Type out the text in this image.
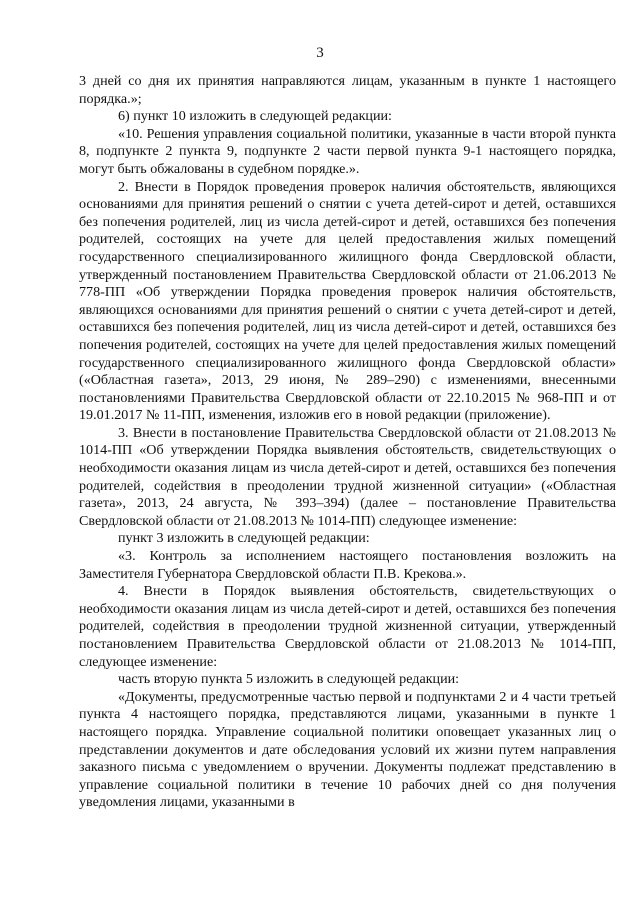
3

3 дней со дня их принятия направляются лицам, указанным в пункте 1 настоящего порядка.»;

6) пункт 10 изложить в следующей редакции:

«10. Решения управления социальной политики, указанные в части второй пункта 8, подпункте 2 пункта 9, подпункте 2 части первой пункта 9-1 настоящего порядка, могут быть обжалованы в судебном порядке.».

2. Внести в Порядок проведения проверок наличия обстоятельств, являющихся основаниями для принятия решений о снятии с учета детей-сирот и детей, оставшихся без попечения родителей, лиц из числа детей-сирот и детей, оставшихся без попечения родителей, состоящих на учете для целей предоставления жилых помещений государственного специализированного жилищного фонда Свердловской области, утвержденный постановлением Правительства Свердловской области от 21.06.2013 № 778-ПП «Об утверждении Порядка проведения проверок наличия обстоятельств, являющихся основаниями для принятия решений о снятии с учета детей-сирот и детей, оставшихся без попечения родителей, лиц из числа детей-сирот и детей, оставшихся без попечения родителей, состоящих на учете для целей предоставления жилых помещений государственного специализированного жилищного фонда Свердловской области» («Областная газета», 2013, 29 июня, № 289–290) с изменениями, внесенными постановлениями Правительства Свердловской области от 22.10.2015 № 968-ПП и от 19.01.2017 № 11-ПП, изменения, изложив его в новой редакции (приложение).

3. Внести в постановление Правительства Свердловской области от 21.08.2013 № 1014-ПП «Об утверждении Порядка выявления обстоятельств, свидетельствующих о необходимости оказания лицам из числа детей-сирот и детей, оставшихся без попечения родителей, содействия в преодолении трудной жизненной ситуации» («Областная газета», 2013, 24 августа, № 393–394) (далее – постановление Правительства Свердловской области от 21.08.2013 № 1014-ПП) следующее изменение:

пункт 3 изложить в следующей редакции:

«3. Контроль за исполнением настоящего постановления возложить на Заместителя Губернатора Свердловской области П.В. Крекова.».

4. Внести в Порядок выявления обстоятельств, свидетельствующих о необходимости оказания лицам из числа детей-сирот и детей, оставшихся без попечения родителей, содействия в преодолении трудной жизненной ситуации, утвержденный постановлением Правительства Свердловской области от 21.08.2013 № 1014-ПП, следующее изменение:

часть вторую пункта 5 изложить в следующей редакции:

«Документы, предусмотренные частью первой и подпунктами 2 и 4 части третьей пункта 4 настоящего порядка, представляются лицами, указанными в пункте 1 настоящего порядка. Управление социальной политики оповещает указанных лиц о представлении документов и дате обследования условий их жизни путем направления заказного письма с уведомлением о вручении. Документы подлежат представлению в управление социальной политики в течение 10 рабочих дней со дня получения уведомления лицами, указанными в
